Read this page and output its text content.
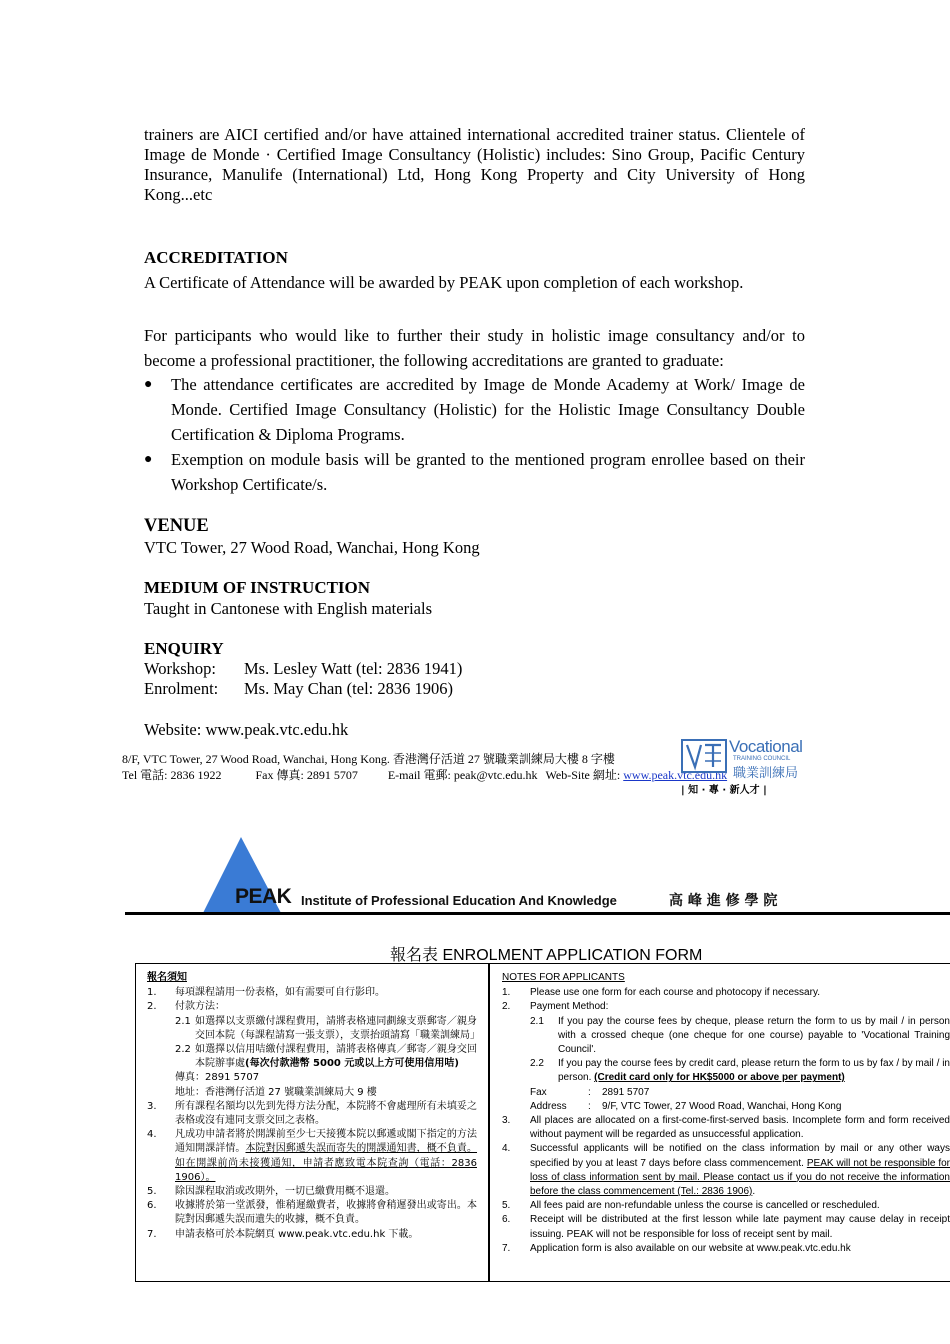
trainers are AICI certified and/or have attained international accredited trainer status. Clientele of Image de Monde · Certified Image Consultancy (Holistic) includes: Sino Group, Pacific Century Insurance, Manulife (International) Ltd, Hong Kong Property and City University of Hong Kong...etc
ACCREDITATION
A Certificate of Attendance will be awarded by PEAK upon completion of each workshop.
For participants who would like to further their study in holistic image consultancy and/or to become a professional practitioner, the following accreditations are granted to graduate:
● The attendance certificates are accredited by Image de Monde Academy at Work/ Image de Monde. Certified Image Consultancy (Holistic) for the Holistic Image Consultancy Double Certification & Diploma Programs.
● Exemption on module basis will be granted to the mentioned program enrollee based on their Workshop Certificate/s.
VENUE
VTC Tower, 27 Wood Road, Wanchai, Hong Kong
MEDIUM OF INSTRUCTION
Taught in Cantonese with English materials
ENQUIRY
Workshop: Ms. Lesley Watt (tel: 2836 1941)
Enrolment: Ms. May Chan (tel: 2836 1906)
Website: www.peak.vtc.edu.hk
8/F, VTC Tower, 27 Wood Road, Wanchai, Hong Kong. 香港灣仔活道 27 號職業訓練局大樓 8 字樓
Tel 電話: 2836 1922	Fax 傳真: 2891 5707	E-mail 電郵: peak@vtc.edu.hk Web-Site 網址: www.peak.vtc.edu.hk
Vocational
TRAINING COUNCIL
職業訓練局
| 知 · 專 · 新人才 |
PEAK Institute of Professional Education And Knowledge	高 峰 進 修 學 院
報名表 ENROLMENT APPLICATION FORM
報名須知
1. 每項課程請用一份表格，如有需要可自行影印。
2. 付款方法：
2.1 如選擇以支票繳付課程費用，請將表格連同劃線支票郵寄／親身交回本院（每課程請寫一張支票），支票抬頭請寫「職業訓練局」
2.2 如選擇以信用咭繳付課程費用，請將表格傳真／郵寄／親身交回本院辦事處(每次付款港幣 5000 元或以上方可使用信用咭)
傳真：2891 5707
地址：香港灣仔活道 27 號職業訓練局大 9 樓
3. 所有課程名額均以先到先得方法分配，本院將不會處理所有未填妥之表格或沒有連同支票交回之表格。
4. 凡成功申請者將於開課前至少七天接獲本院以郵遞或閣下指定的方法通知開課詳情。本院對因郵遞失誤而寄失的開課通知書，概不負責。如在開課前尚未接獲通知，申請者應致電本院查詢（電話：2836 1906）。
5. 除因課程取消或改期外，一切已繳費用概不退還。
6. 收據將於第一堂派發，惟稍遲繳費者，收據將會稍遲發出或寄出。本院對因郵遞失誤而遺失的收據，概不負責。
7. 申請表格可於本院網頁 www.peak.vtc.edu.hk 下載。
NOTES FOR APPLICANTS
1. Please use one form for each course and photocopy if necessary.
2. Payment Method:
2.1 If you pay the course fees by cheque, please return the form to us by mail / in person with a crossed cheque (one cheque for one course) payable to 'Vocational Training Council'.
2.2 If you pay the course fees by credit card, please return the form to us by fax / by mail / in person. (Credit card only for HK$5000 or above per payment)
Fax	: 2891 5707
Address : 9/F, VTC Tower, 27 Wood Road, Wanchai, Hong Kong
3. All places are allocated on a first-come-first-served basis. Incomplete form and form received without payment will be regarded as unsuccessful application.
4. Successful applicants will be notified on the class information by mail or any other ways specified by you at least 7 days before class commencement. PEAK will not be responsible for loss of class information sent by mail. Please contact us if you do not receive the information before the class commencement (Tel.: 2836 1906).
5. All fees paid are non-refundable unless the course is cancelled or rescheduled.
6. Receipt will be distributed at the first lesson while late payment may cause delay in receipt issuing. PEAK will not be responsible for loss of receipt sent by mail.
7. Application form is also available on our website at www.peak.vtc.edu.hk
